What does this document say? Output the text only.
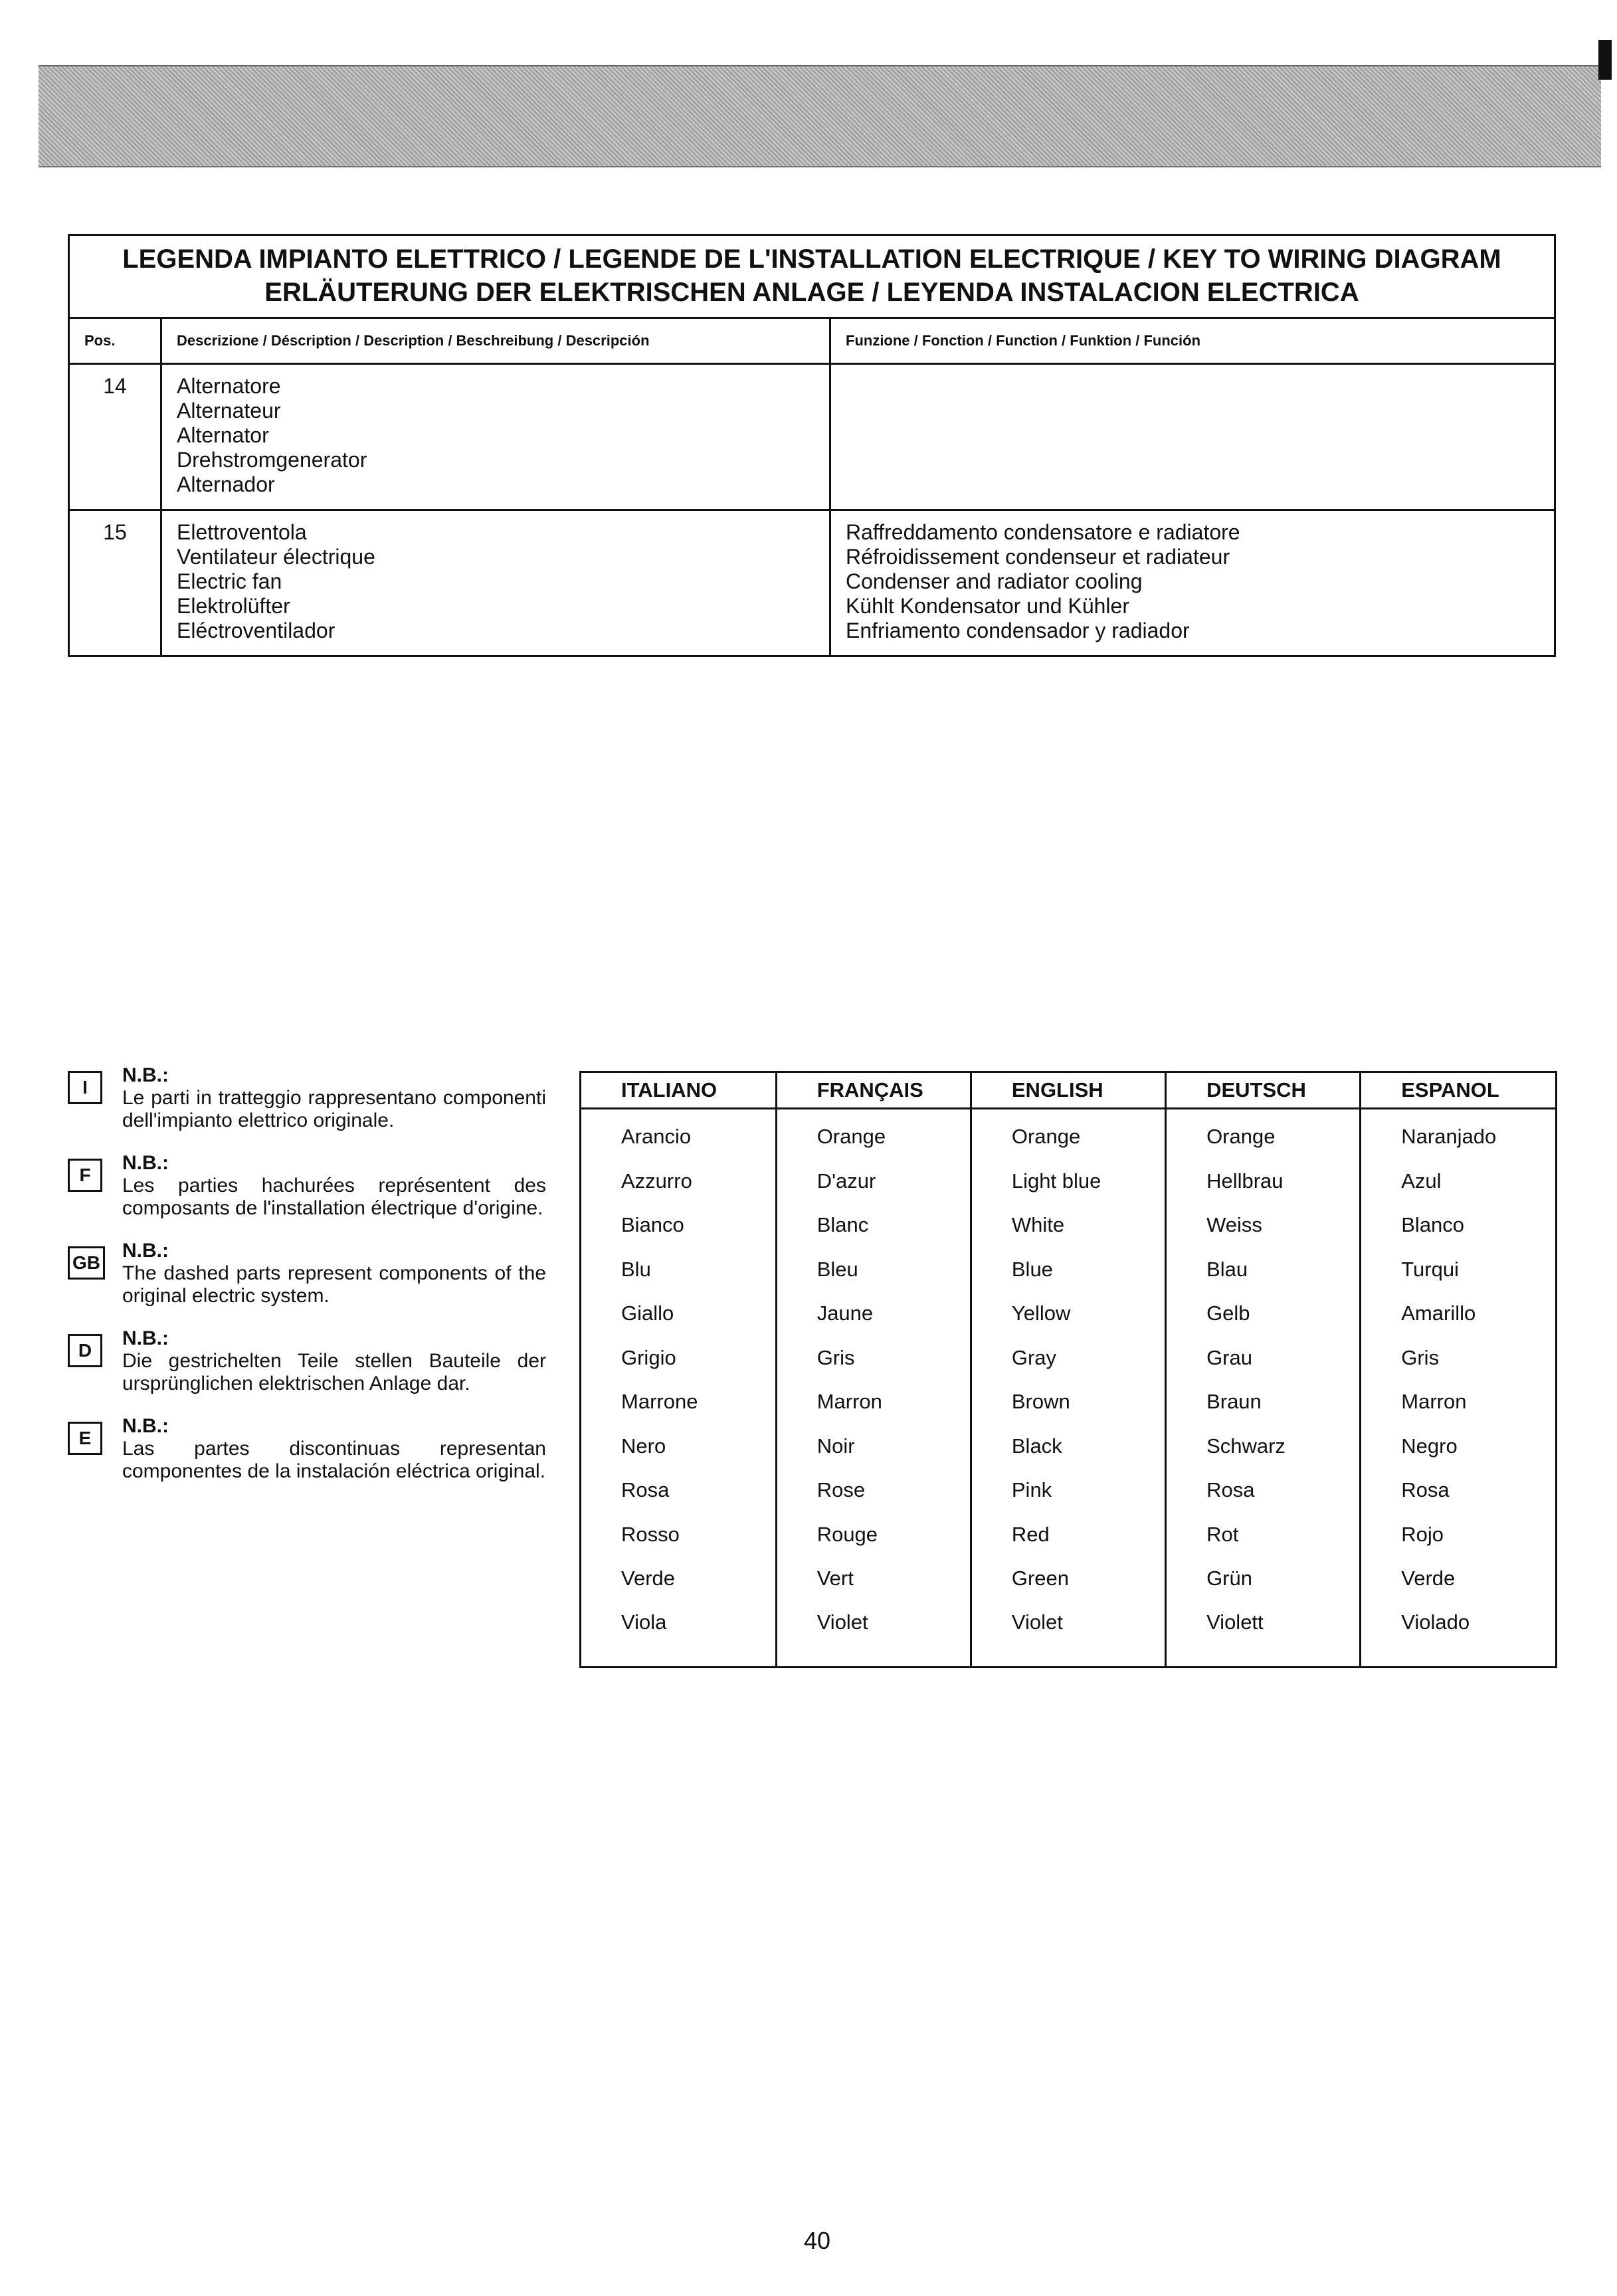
LEGENDA IMPIANTO ELETTRICO / LEGENDE DE L'INSTALLATION ELECTRIQUE / KEY TO WIRING DIAGRAM
ERLÄUTERUNG DER ELEKTRISCHEN ANLAGE / LEYENDA INSTALACION ELECTRICA
Pos.	Descrizione / Déscription / Description / Beschreibung / Descripción	Funzione / Fonction / Function / Funktion / Función
14	Alternatore
Alternateur
Alternator
Drehstromgenerator
Alternador	

15	Elettroventola
Ventilateur électrique
Electric fan
Elektrolüfter
Eléctroventilador	Raffreddamento condensatore e radiatore
Réfroidissement condenseur et radiateur
Condenser and radiator cooling
Kühlt Kondensator und Kühler
Enfriamento condensador y radiador
I
N.B.:
Le parti in tratteggio rappresentano componenti dell'impianto elettrico originale.
F
N.B.:
Les parties hachurées représentent des composants de l'installation électrique d'origine.
GB
N.B.:
The dashed parts represent components of the original electric system.
D
N.B.:
Die gestrichelten Teile stellen Bauteile der ursprünglichen elektrischen Anlage dar.
E
N.B.:
Las partes discontinuas representan componentes de la instalación eléctrica original.
ITALIANO	FRANÇAIS	ENGLISH	DEUTSCH	ESPANOL
Arancio	Orange	Orange	Orange	Naranjado
Azzurro	D'azur	Light blue	Hellbrau	Azul
Bianco	Blanc	White	Weiss	Blanco
Blu	Bleu	Blue	Blau	Turqui
Giallo	Jaune	Yellow	Gelb	Amarillo
Grigio	Gris	Gray	Grau	Gris
Marrone	Marron	Brown	Braun	Marron
Nero	Noir	Black	Schwarz	Negro
Rosa	Rose	Pink	Rosa	Rosa
Rosso	Rouge	Red	Rot	Rojo
Verde	Vert	Green	Grün	Verde
Viola	Violet	Violet	Violett	Violado
40
